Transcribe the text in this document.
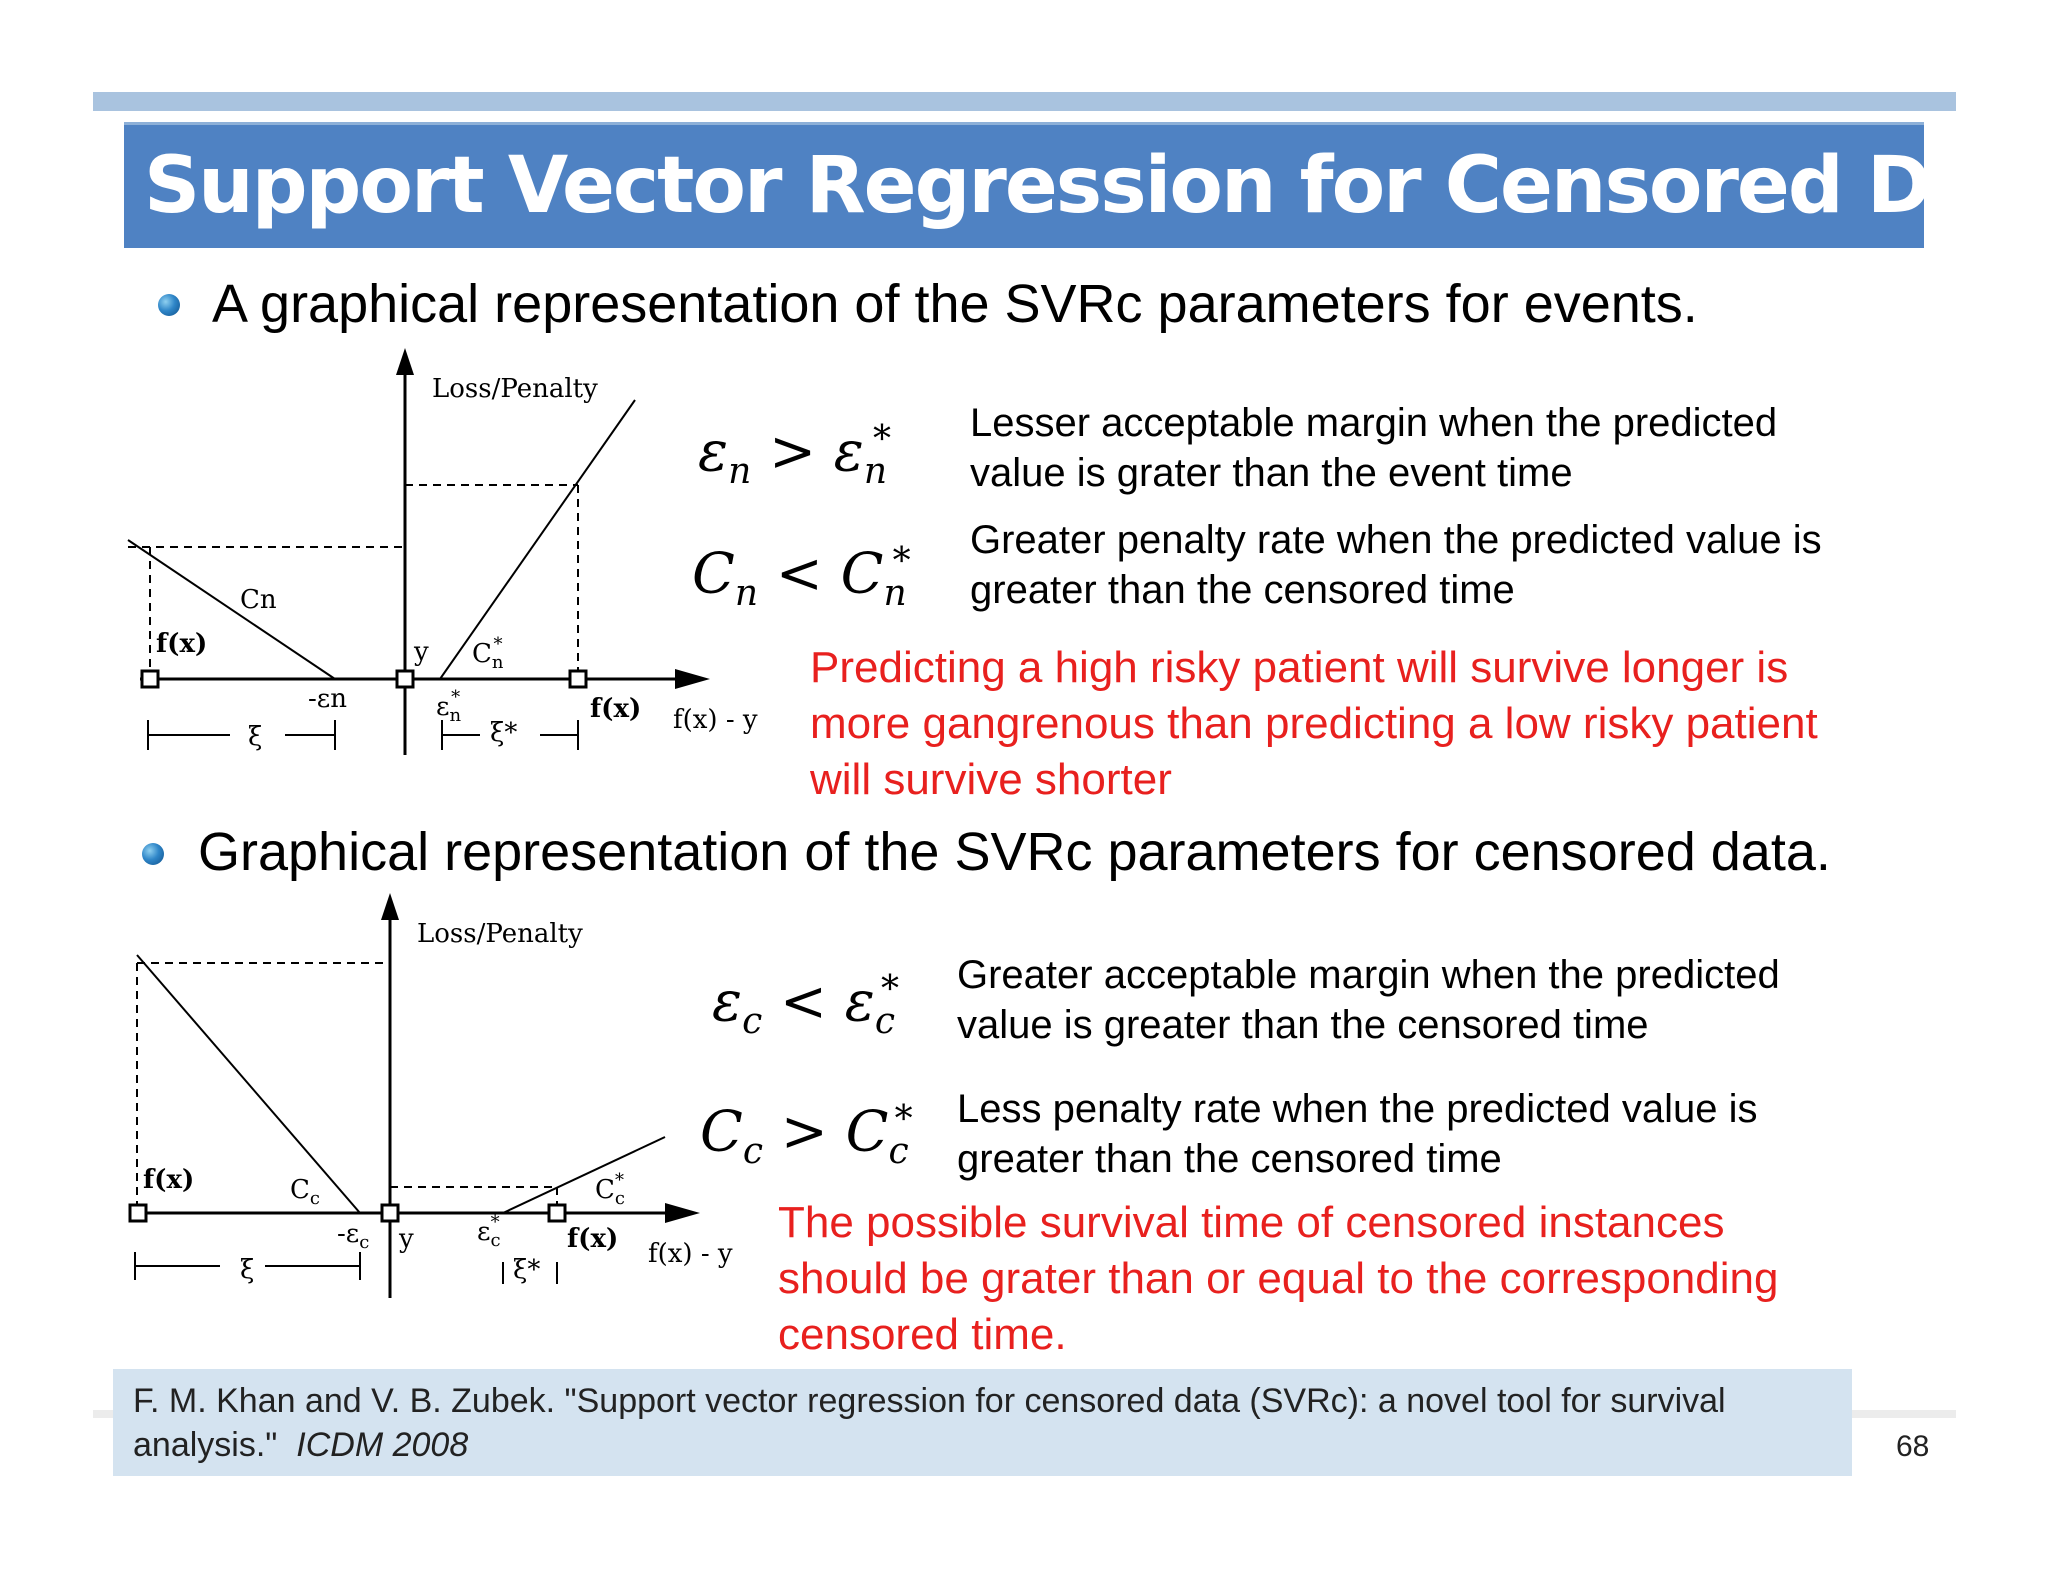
Support Vector Regression for Censored Data
A graphical representation of the SVRc parameters for events.
Loss/Penalty
f(x) - y
f(x)
f(x)
y
Cn
$C_n*$
-εn	$\varepsilon_n*$
ξ	ξ*
$\varepsilon_n > \varepsilon_n^*$ Lesser acceptable margin when the predicted
value is grater than the event time
$C_n < C_n^*$ Greater penalty rate when the predicted value is
greater than the censored time
Predicting a high risky patient will survive longer is
more gangrenous than predicting a low risky patient
will survive shorter
Graphical representation of the SVRc parameters for censored data.
Loss/Penalty
f(x) - y
f(x)
f(x)
y
$C_c$	$C_c*$
$-\varepsilon_c$	$\varepsilon_c*$
ξ	ξ*
$\varepsilon_c < \varepsilon_c^*$ Greater acceptable margin when the predicted
value is greater than the censored time
$C_c > C_c^*$ Less penalty rate when the predicted value is
greater than the censored time
The possible survival time of censored instances
should be grater than or equal to the corresponding
censored time.
F. M. Khan and V. B. Zubek. "Support vector regression for censored data (SVRc): a novel tool for survival
analysis." ICDM 2008	68
